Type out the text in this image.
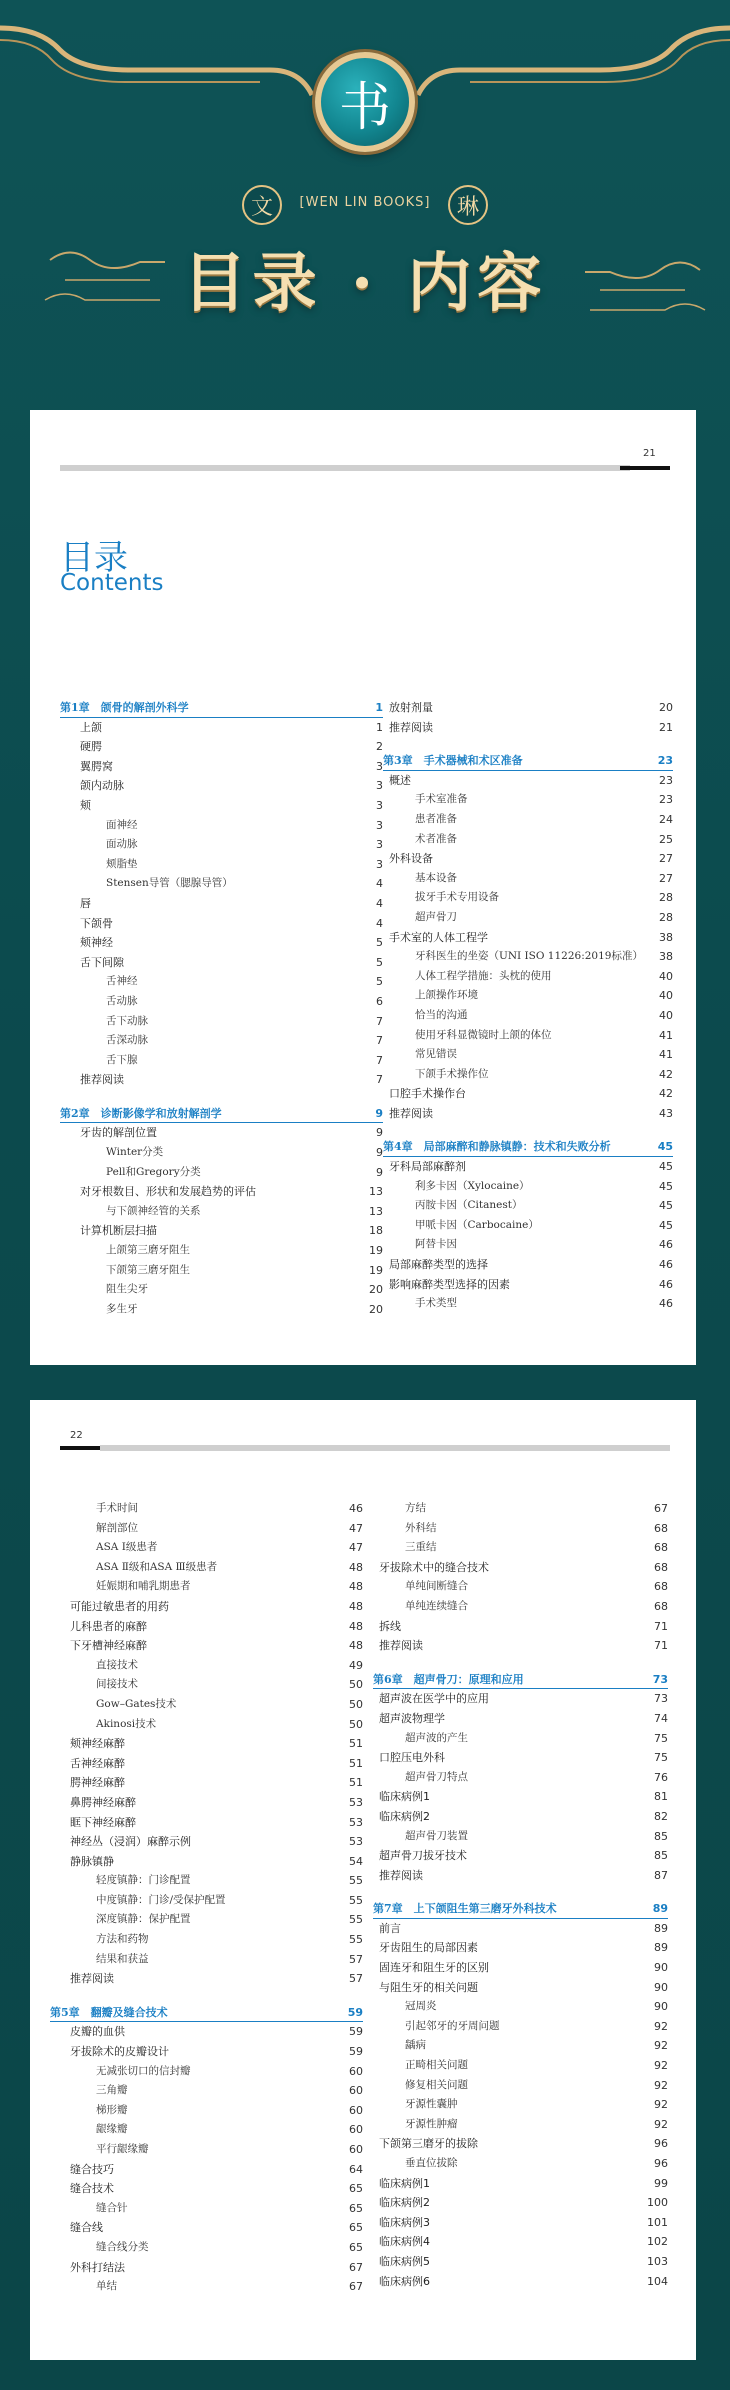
书
文	[WEN LIN BOOKS]	琳
目录 · 内容
21
目录
Contents
第1章　颌骨的解剖外科学	1
上颌	1
硬腭	2
翼腭窝	3
颌内动脉	3
颊	3
面神经	3
面动脉	3
颊脂垫	3
Stensen导管（腮腺导管）	4
唇	4
下颌骨	4
颊神经	5
舌下间隙	5
舌神经	5
舌动脉	6
舌下动脉	7
舌深动脉	7
舌下腺	7
推荐阅读	7
第2章　诊断影像学和放射解剖学	9
牙齿的解剖位置	9
Winter分类	9
Pell和Gregory分类	9
对牙根数目、形状和发展趋势的评估	13
与下颌神经管的关系	13
计算机断层扫描	18
上颌第三磨牙阻生	19
下颌第三磨牙阻生	19
阻生尖牙	20
多生牙	20
放射剂量	20
推荐阅读	21
第3章　手术器械和术区准备	23
概述	23
手术室准备	23
患者准备	24
术者准备	25
外科设备	27
基本设备	27
拔牙手术专用设备	28
超声骨刀	28
手术室的人体工程学	38
牙科医生的坐姿（UNI ISO 11226:2019标准） 38
人体工程学措施：头枕的使用	40
上颌操作环境	40
恰当的沟通	40
使用牙科显微镜时上颌的体位	41
常见错误	41
下颌手术操作位	42
口腔手术操作台	42
推荐阅读	43
第4章　局部麻醉和静脉镇静：技术和失败分析	45
牙科局部麻醉剂	45
利多卡因（Xylocaine）	45
丙胺卡因（Citanest）	45
甲哌卡因（Carbocaine）	45
阿替卡因	46
局部麻醉类型的选择	46
影响麻醉类型选择的因素	46
手术类型	46
22
手术时间	46
解剖部位	47
ASA Ⅰ级患者	47
ASA Ⅱ级和ASA Ⅲ级患者	48
妊娠期和哺乳期患者	48
可能过敏患者的用药	48
儿科患者的麻醉	48
下牙槽神经麻醉	48
直接技术	49
间接技术	50
Gow–Gates技术	50
Akinosi技术	50
颊神经麻醉	51
舌神经麻醉	51
腭神经麻醉	51
鼻腭神经麻醉	53
眶下神经麻醉	53
神经丛（浸润）麻醉示例	53
静脉镇静	54
轻度镇静：门诊配置	55
中度镇静：门诊/受保护配置	55
深度镇静：保护配置	55
方法和药物	55
结果和获益	57
推荐阅读	57
第5章　翻瓣及缝合技术	59
皮瓣的血供	59
牙拔除术的皮瓣设计	59
无减张切口的信封瓣	60
三角瓣	60
梯形瓣	60
龈缘瓣	60
平行龈缘瓣	60
缝合技巧	64
缝合技术	65
缝合针	65
缝合线	65
缝合线分类	65
外科打结法	67
单结	67
方结	67
外科结	68
三重结	68
牙拔除术中的缝合技术	68
单纯间断缝合	68
单纯连续缝合	68
拆线	71
推荐阅读	71
第6章　超声骨刀：原理和应用	73
超声波在医学中的应用	73
超声波物理学	74
超声波的产生	75
口腔压电外科	75
超声骨刀特点	76
临床病例1	81
临床病例2	82
超声骨刀装置	85
超声骨刀拔牙技术	85
推荐阅读	87
第7章　上下颌阻生第三磨牙外科技术	89
前言	89
牙齿阻生的局部因素	89
固连牙和阻生牙的区别	90
与阻生牙的相关问题	90
冠周炎	90
引起邻牙的牙周问题	92
龋病	92
正畸相关问题	92
修复相关问题	92
牙源性囊肿	92
牙源性肿瘤	92
下颌第三磨牙的拔除	96
垂直位拔除	96
临床病例1	99
临床病例2	100
临床病例3	101
临床病例4	102
临床病例5	103
临床病例6	104
